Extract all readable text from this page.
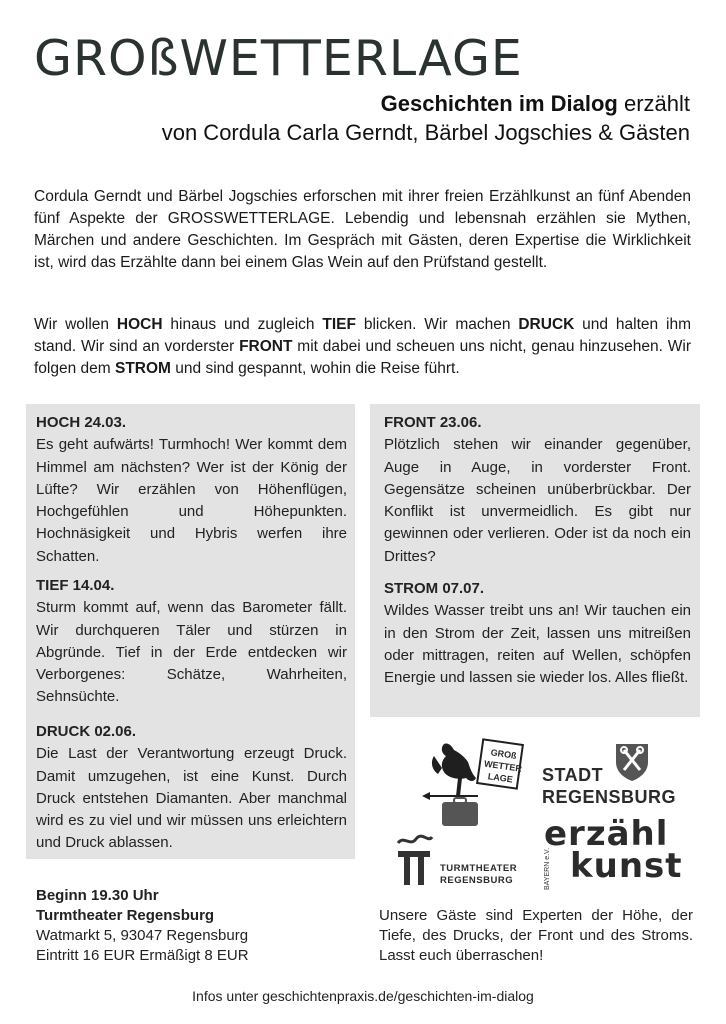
GROßWETTERLAGE
Geschichten im Dialog erzählt
von Cordula Carla Gerndt, Bärbel Jogschies & Gästen
Cordula Gerndt und Bärbel Jogschies erforschen mit ihrer freien Erzählkunst an fünf Abenden fünf Aspekte der GROSSWETTERLAGE. Lebendig und lebensnah erzählen sie Mythen, Märchen und andere Geschichten. Im Gespräch mit Gästen, deren Expertise die Wirklichkeit ist, wird das Erzählte dann bei einem Glas Wein auf den Prüfstand gestellt.
Wir wollen HOCH hinaus und zugleich TIEF blicken. Wir machen DRUCK und halten ihm stand. Wir sind an vorderster FRONT mit dabei und scheuen uns nicht, genau hinzusehen. Wir folgen dem STROM und sind gespannt, wohin die Reise führt.
HOCH 24.03.
Es geht aufwärts! Turmhoch! Wer kommt dem Himmel am nächsten? Wer ist der König der Lüfte? Wir erzählen von Höhenflügen, Hochgefühlen und Höhepunkten. Hochnäsigkeit und Hybris werfen ihre Schatten.
TIEF 14.04.
Sturm kommt auf, wenn das Barometer fällt. Wir durchqueren Täler und stürzen in Abgründe. Tief in der Erde entdecken wir Verborgenes: Schätze, Wahrheiten, Sehnsüchte.
DRUCK 02.06.
Die Last der Verantwortung erzeugt Druck. Damit umzugehen, ist eine Kunst. Durch Druck entstehen Diamanten. Aber manchmal wird es zu viel und wir müssen uns erleichtern und Druck ablassen.
FRONT 23.06.
Plötzlich stehen wir einander gegenüber, Auge in Auge, in vorderster Front. Gegensätze scheinen unüberbrückbar. Der Konflikt ist unvermeidlich. Es gibt nur gewinnen oder verlieren. Oder ist da noch ein Drittes?
STROM 07.07.
Wildes Wasser treibt uns an! Wir tauchen ein in den Strom der Zeit, lassen uns mitreißen oder mittragen, reiten auf Wellen, schöpfen Energie und lassen sie wieder los. Alles fließt.
GROß
WETTER
LAGE	STADT
REGENSBURG
TURMTHEATER
REGENSBURG
erzähl
kunst
BAYERN e.V.
Beginn 19.30 Uhr
Turmtheater Regensburg
Watmarkt 5, 93047 Regensburg
Eintritt 16 EUR Ermäßigt 8 EUR
Unsere Gäste sind Experten der Höhe, der Tiefe, des Drucks, der Front und des Stroms. Lasst euch überraschen!
Infos unter geschichtenpraxis.de/geschichten-im-dialog
